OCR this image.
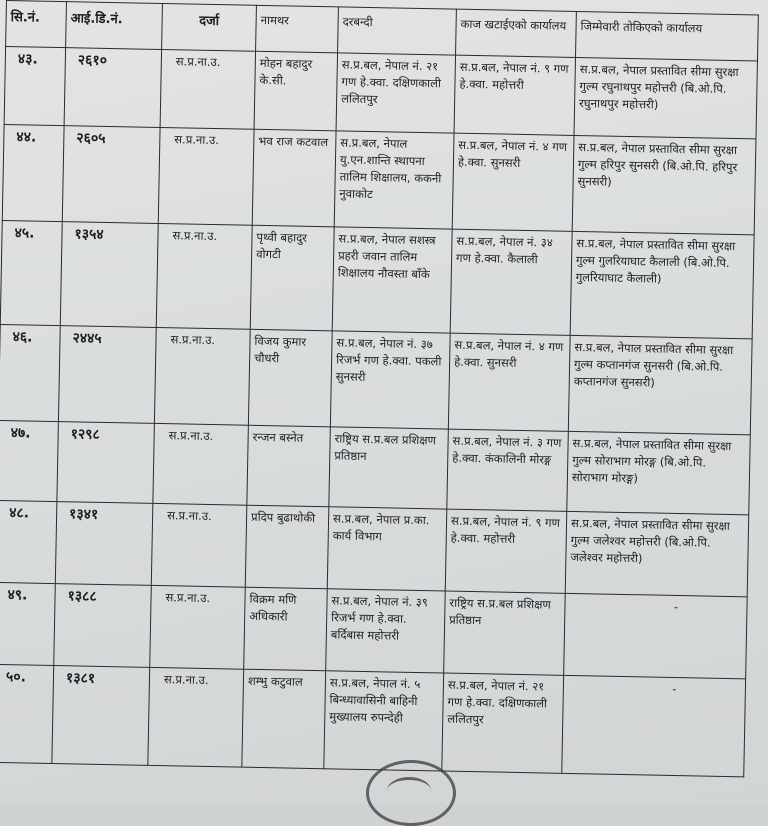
सि.नं.	आई.डि.नं.	दर्जा	नामथर	दरबन्दी	काज खटाईएको कार्यालय	जिम्मेवारी तोकिएको कार्यालय
४३.	२६१०	स.प्र.ना.उ.	मोहन बहादुर के.सी.	स.प्र.बल, नेपाल नं. २१ गण हे.क्वा. दक्षिणकाली ललितपुर	स.प्र.बल, नेपाल नं. ९ गण हे.क्वा. महोत्तरी	स.प्र.बल, नेपाल प्रस्तावित सीमा सुरक्षा गुल्म रघुनाथपुर महोत्तरी (बि.ओ.पि. रघुनाथपुर महोत्तरी)
४४.	२६०५	स.प्र.ना.उ.	भव राज कटवाल	स.प्र.बल, नेपाल यु.एन.शान्ति स्थापना तालिम शिक्षालय, ककनी नुवाकोट	स.प्र.बल, नेपाल नं. ४ गण हे.क्वा. सुनसरी	स.प्र.बल, नेपाल प्रस्तावित सीमा सुरक्षा गुल्म हरिपुर सुनसरी (बि.ओ.पि. हरिपुर सुनसरी)
४५.	१३५४	स.प्र.ना.उ.	पृथ्वी बहादुर वोगटी	स.प्र.बल, नेपाल सशस्त्र प्रहरी जवान तालिम शिक्षालय नौवस्ता बाँके	स.प्र.बल, नेपाल नं. ३४ गण हे.क्वा. कैलाली	स.प्र.बल, नेपाल प्रस्तावित सीमा सुरक्षा गुल्म गुलरियाघाट कैलाली (बि.ओ.पि. गुलरियाघाट कैलाली)
४६.	२४४५	स.प्र.ना.उ.	विजय कुमार चौधरी	स.प्र.बल, नेपाल नं. ३७ रिजर्भ गण हे.क्वा. पकली सुनसरी	स.प्र.बल, नेपाल नं. ४ गण हे.क्वा. सुनसरी	स.प्र.बल, नेपाल प्रस्तावित सीमा सुरक्षा गुल्म कप्तानगंज सुनसरी (बि.ओ.पि. कप्तानगंज सुनसरी)
४७.	१२९८	स.प्र.ना.उ.	रन्जन बस्नेत	राष्ट्रिय स.प्र.बल प्रशिक्षण प्रतिष्ठान	स.प्र.बल, नेपाल नं. ३ गण हे.क्वा. कंकालिनी मोरङ्ग	स.प्र.बल, नेपाल प्रस्तावित सीमा सुरक्षा गुल्म सोराभाग मोरङ्ग (बि.ओ.पि. सोराभाग मोरङ्ग)
४८.	१३४१	स.प्र.ना.उ.	प्रदिप बुढाथोकी	स.प्र.बल, नेपाल प्र.का. कार्य विभाग	स.प्र.बल, नेपाल नं. ९ गण हे.क्वा. महोत्तरी	स.प्र.बल, नेपाल प्रस्तावित सीमा सुरक्षा गुल्म जलेश्वर महोत्तरी (बि.ओ.पि. जलेश्वर महोत्तरी)
४९.	१३८८	स.प्र.ना.उ.	विक्रम मणि अधिकारी	स.प्र.बल, नेपाल नं. ३९ रिजर्भ गण हे.क्वा. बर्दिबास महोत्तरी	राष्ट्रिय स.प्र.बल प्रशिक्षण प्रतिष्ठान	-

५०.	१३८१	स.प्र.ना.उ.	शम्भु कटुवाल	स.प्र.बल, नेपाल नं. ५ बिन्ध्यावासिनी बाहिनी मुख्यालय रुपन्देही	स.प्र.बल, नेपाल नं. २१ गण हे.क्वा. दक्षिणकाली ललितपुर	-
